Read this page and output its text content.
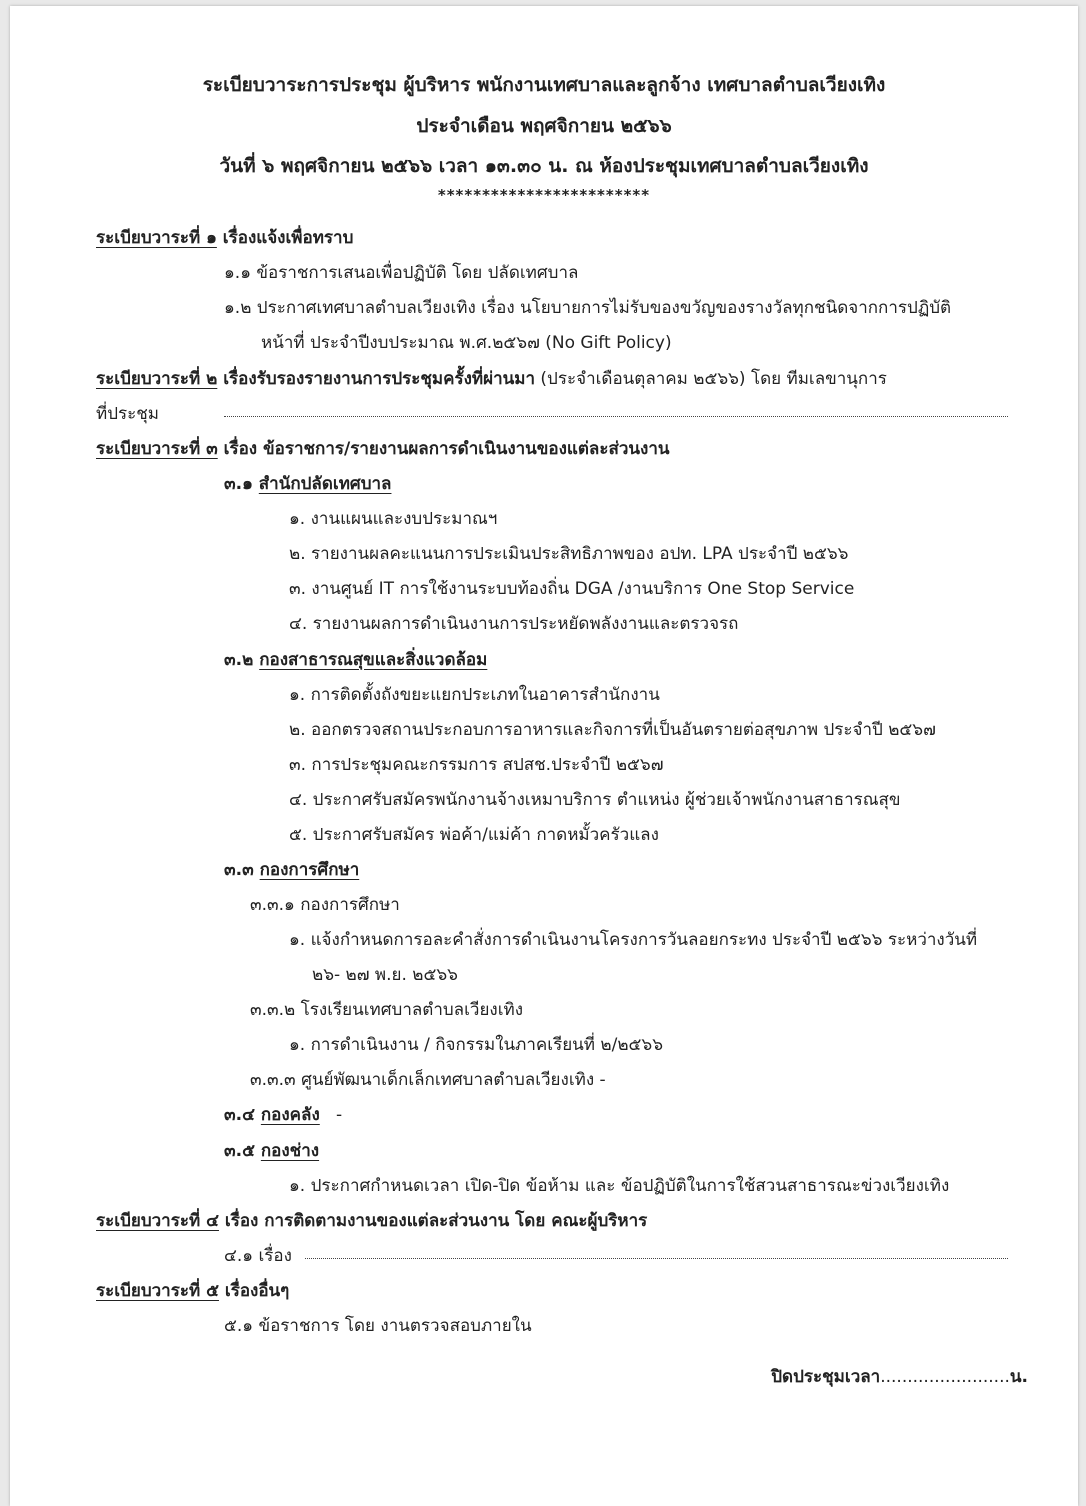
ระเบียบวาระการประชุม ผู้บริหาร พนักงานเทศบาลและลูกจ้าง เทศบาลตำบลเวียงเทิง
ประจำเดือน พฤศจิกายน ๒๕๖๖
วันที่ ๖ พฤศจิกายน ๒๕๖๖ เวลา ๑๓.๓๐ น. ณ ห้องประชุมเทศบาลตำบลเวียงเทิง
************************
ระเบียบวาระที่ ๑ เรื่องแจ้งเพื่อทราบ
๑.๑ ข้อราชการเสนอเพื่อปฏิบัติ โดย ปลัดเทศบาล
๑.๒ ประกาศเทศบาลตำบลเวียงเทิง เรื่อง นโยบายการไม่รับของขวัญของรางวัลทุกชนิดจากการปฏิบัติ
หน้าที่ ประจำปีงบประมาณ พ.ศ.๒๕๖๗ (No Gift Policy)
ระเบียบวาระที่ ๒ เรื่องรับรองรายงานการประชุมครั้งที่ผ่านมา (ประจำเดือนตุลาคม ๒๕๖๖) โดย ทีมเลขานุการ
ที่ประชุม
ระเบียบวาระที่ ๓ เรื่อง ข้อราชการ/รายงานผลการดำเนินงานของแต่ละส่วนงาน
๓.๑ สำนักปลัดเทศบาล
๑. งานแผนและงบประมาณฯ
๒. รายงานผลคะแนนการประเมินประสิทธิภาพของ อปท. LPA ประจำปี ๒๕๖๖
๓. งานศูนย์ IT การใช้งานระบบท้องถิ่น DGA /งานบริการ One Stop Service
๔. รายงานผลการดำเนินงานการประหยัดพลังงานและตรวจรถ
๓.๒ กองสาธารณสุขและสิ่งแวดล้อม
๑. การติดตั้งถังขยะแยกประเภทในอาคารสำนักงาน
๒. ออกตรวจสถานประกอบการอาหารและกิจการที่เป็นอันตรายต่อสุขภาพ ประจำปี ๒๕๖๗
๓. การประชุมคณะกรรมการ สปสช.ประจำปี ๒๕๖๗
๔. ประกาศรับสมัครพนักงานจ้างเหมาบริการ ตำแหน่ง ผู้ช่วยเจ้าพนักงานสาธารณสุข
๕. ประกาศรับสมัคร พ่อค้า/แม่ค้า กาดหมั้วครัวแลง
๓.๓ กองการศึกษา
๓.๓.๑ กองการศึกษา
๑. แจ้งกำหนดการอละคำสั่งการดำเนินงานโครงการวันลอยกระทง ประจำปี ๒๕๖๖ ระหว่างวันที่
๒๖- ๒๗ พ.ย. ๒๕๖๖
๓.๓.๒ โรงเรียนเทศบาลตำบลเวียงเทิง
๑. การดำเนินงาน / กิจกรรมในภาคเรียนที่ ๒/๒๕๖๖
๓.๓.๓ ศูนย์พัฒนาเด็กเล็กเทศบาลตำบลเวียงเทิง -
๓.๔ กองคลัง   -
๓.๕ กองช่าง
๑. ประกาศกำหนดเวลา เปิด-ปิด ข้อห้าม และ ข้อปฏิบัติในการใช้สวนสาธารณะข่วงเวียงเทิง
ระเบียบวาระที่ ๔ เรื่อง การติดตามงานของแต่ละส่วนงาน โดย คณะผู้บริหาร
๔.๑ เรื่อง
ระเบียบวาระที่ ๕ เรื่องอื่นๆ
๕.๑ ข้อราชการ โดย งานตรวจสอบภายใน
ปิดประชุมเวลา........................น.
